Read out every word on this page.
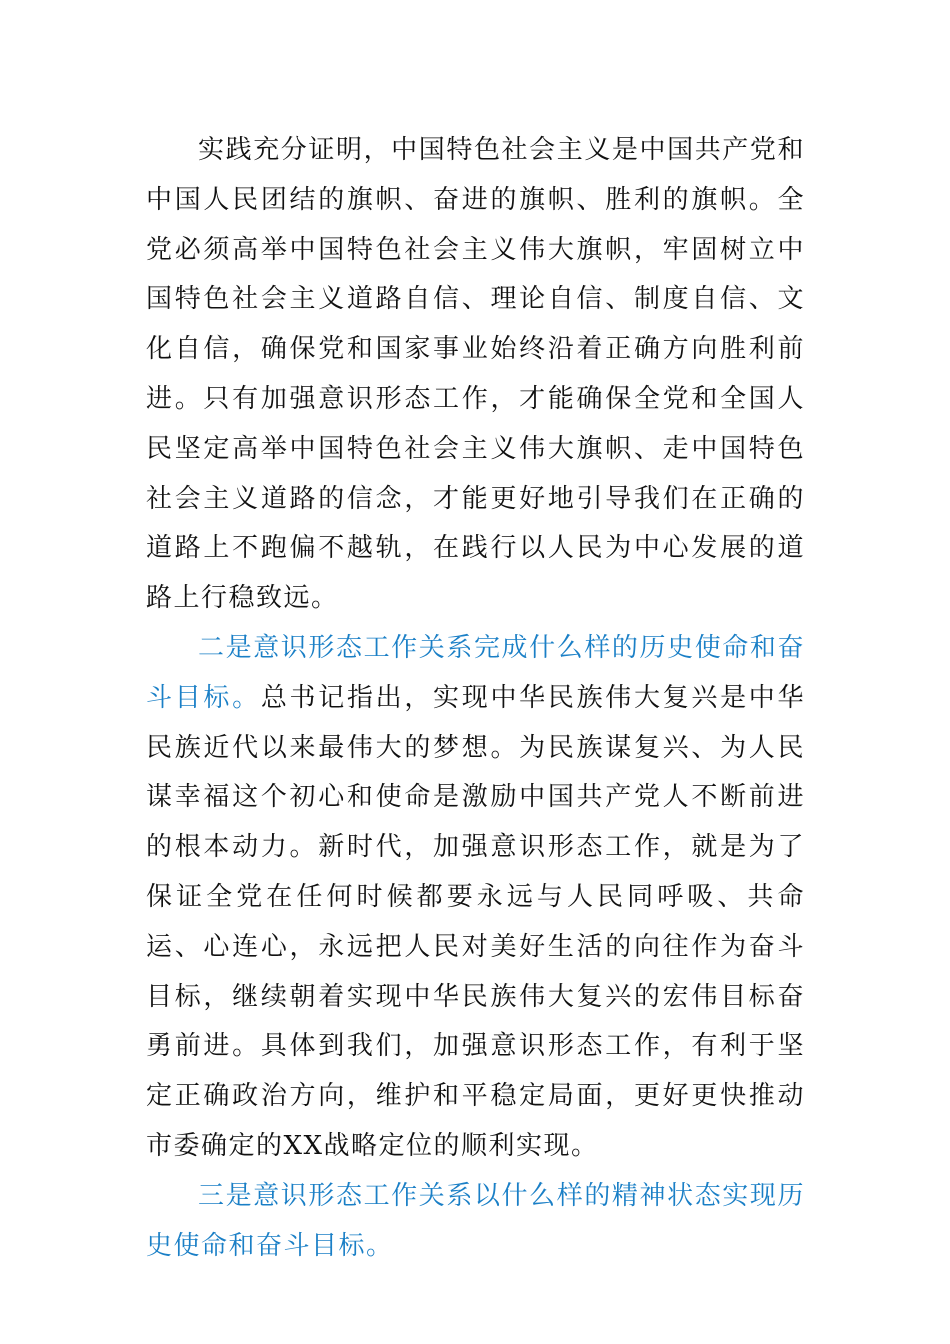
实践充分证明，中国特色社会主义是中国共产党和中国人民团结的旗帜、奋进的旗帜、胜利的旗帜。全党必须高举中国特色社会主义伟大旗帜，牢固树立中国特色社会主义道路自信、理论自信、制度自信、文化自信，确保党和国家事业始终沿着正确方向胜利前进。只有加强意识形态工作，才能确保全党和全国人民坚定高举中国特色社会主义伟大旗帜、走中国特色社会主义道路的信念，才能更好地引导我们在正确的道路上不跑偏不越轨，在践行以人民为中心发展的道路上行稳致远。

二是意识形态工作关系完成什么样的历史使命和奋斗目标。总书记指出，实现中华民族伟大复兴是中华民族近代以来最伟大的梦想。为民族谋复兴、为人民谋幸福这个初心和使命是激励中国共产党人不断前进的根本动力。新时代，加强意识形态工作，就是为了保证全党在任何时候都要永远与人民同呼吸、共命运、心连心，永远把人民对美好生活的向往作为奋斗目标，继续朝着实现中华民族伟大复兴的宏伟目标奋勇前进。具体到我们，加强意识形态工作，有利于坚定正确政治方向，维护和平稳定局面，更好更快推动市委确定的XX战略定位的顺利实现。

三是意识形态工作关系以什么样的精神状态实现历史使命和奋斗目标。
